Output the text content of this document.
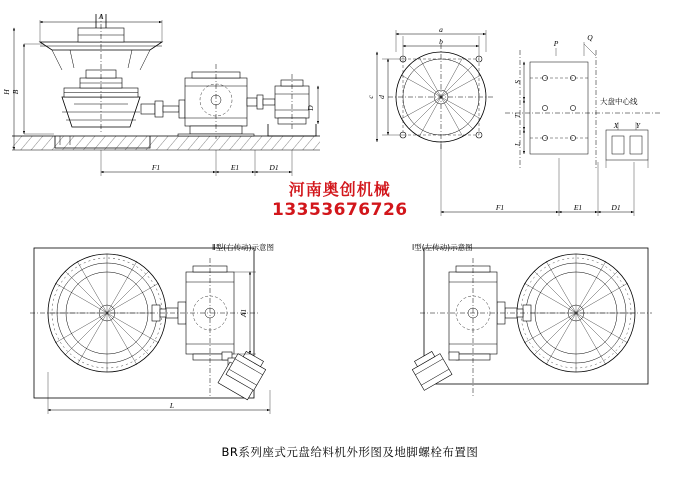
B
H
A
D
F1	E1	D1
b
a
d
c
P
Q
S
T
L
大盘中心线
X Y
F1	E1	D1
A1
L
河南奥创机械
13353676726
Ⅱ型(右传动)示意图	Ⅰ型(左传动)示意图
BR系列座式元盘给料机外形图及地脚螺栓布置图
